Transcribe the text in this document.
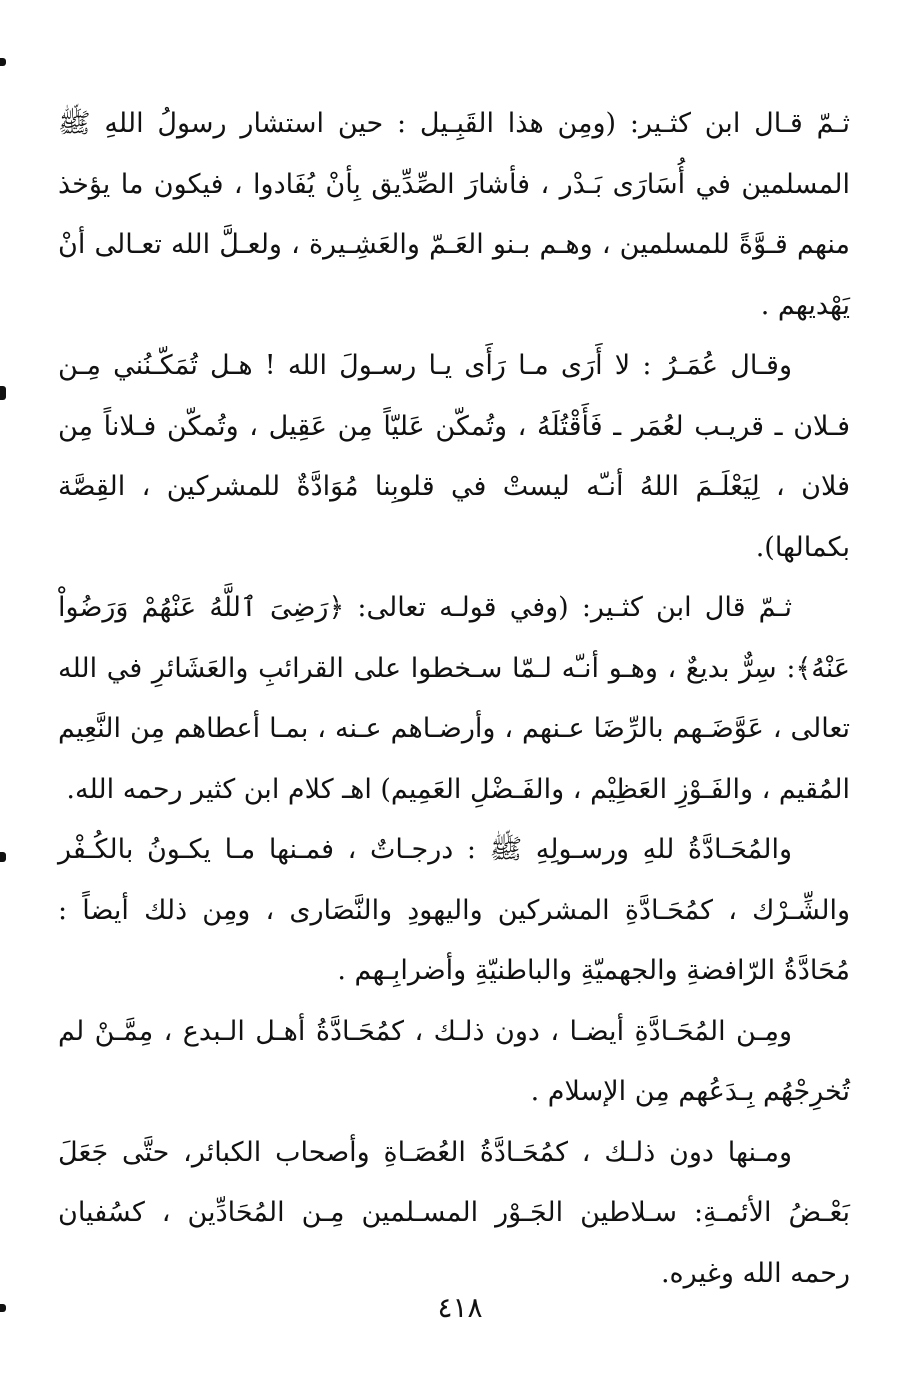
ثـمّ قـال ابن كثـير: (ومِن هذا القَبِـيل : حين استشار رسولُ اللهِ ﷺ المسلمين في أُسَارَى بَـدْر ، فأشارَ الصِّدِّيق بِأنْ يُفَادوا ، فيكون ما يؤخذ منهم قـوَّةً للمسلمين ، وهـم بـنو العَـمّ والعَشِـيرة ، ولعـلَّ الله تعـالى أنْ يَهْديهم .

وقـال عُمَـرُ : لا أَرَى مـا رَأَى يـا رسـولَ الله ! هـل تُمَكّـنُني مِـن فـلان ـ قريـب لعُمَر ـ فَأَقْتُلَهُ ، وتُمكّن عَليّاً مِن عَقِيل ، وتُمكّن فـلاناً مِن فلان ، لِيَعْلَـمَ اللهُ أنـّه ليستْ في قلوبِنا مُوَادَّةٌ للمشركين ، القِصَّة بكمالها).

ثـمّ قال ابن كثـير: (وفي قولـه تعالى: ﴿رَضِىَ ٱللَّهُ عَنْهُمْ وَرَضُواْ عَنْهُ﴾: سِرٌّ بديعٌ ، وهـو أنـّه لـمّا سـخطوا على القرائبِ والعَشَائرِ في الله تعالى ، عَوَّضَـهم بالرِّضَا عـنهم ، وأرضـاهم عـنه ، بمـا أعطاهم مِن النَّعِيم المُقيم ، والفَـوْزِ العَظِيْم ، والفَـضْلِ العَمِيم) اهـ كلام ابن كثير رحمه الله.

والمُحَـادَّةُ للهِ ورسـولِهِ ﷺ : درجـاتٌ ، فمـنها مـا يكـونُ بالكُـفْر والشِّـرْك ، كمُحَـادَّةِ المشركين واليهودِ والنَّصَارى ، ومِن ذلك أيضاً : مُحَادَّةُ الرّافضةِ والجهميّةِ والباطنيّةِ وأضرابِـهم .

ومِـن المُحَـادَّةِ أيضـا ، دون ذلـك ، كمُحَـادَّةُ أهـل الـبدع ، مِمَّـنْ لم تُخرِجْهُم بِـدَعُهم مِن الإسلام .

ومـنها دون ذلـك ، كمُحَـادَّةُ العُصَـاةِ وأصحاب الكبائر، حتَّى جَعَلَ بَعْـضُ الأئمـةِ: سـلاطين الجَـوْر المسـلمين مِـن المُحَادِّين ، كسُفيان رحمه الله وغيره.

٤١٨
